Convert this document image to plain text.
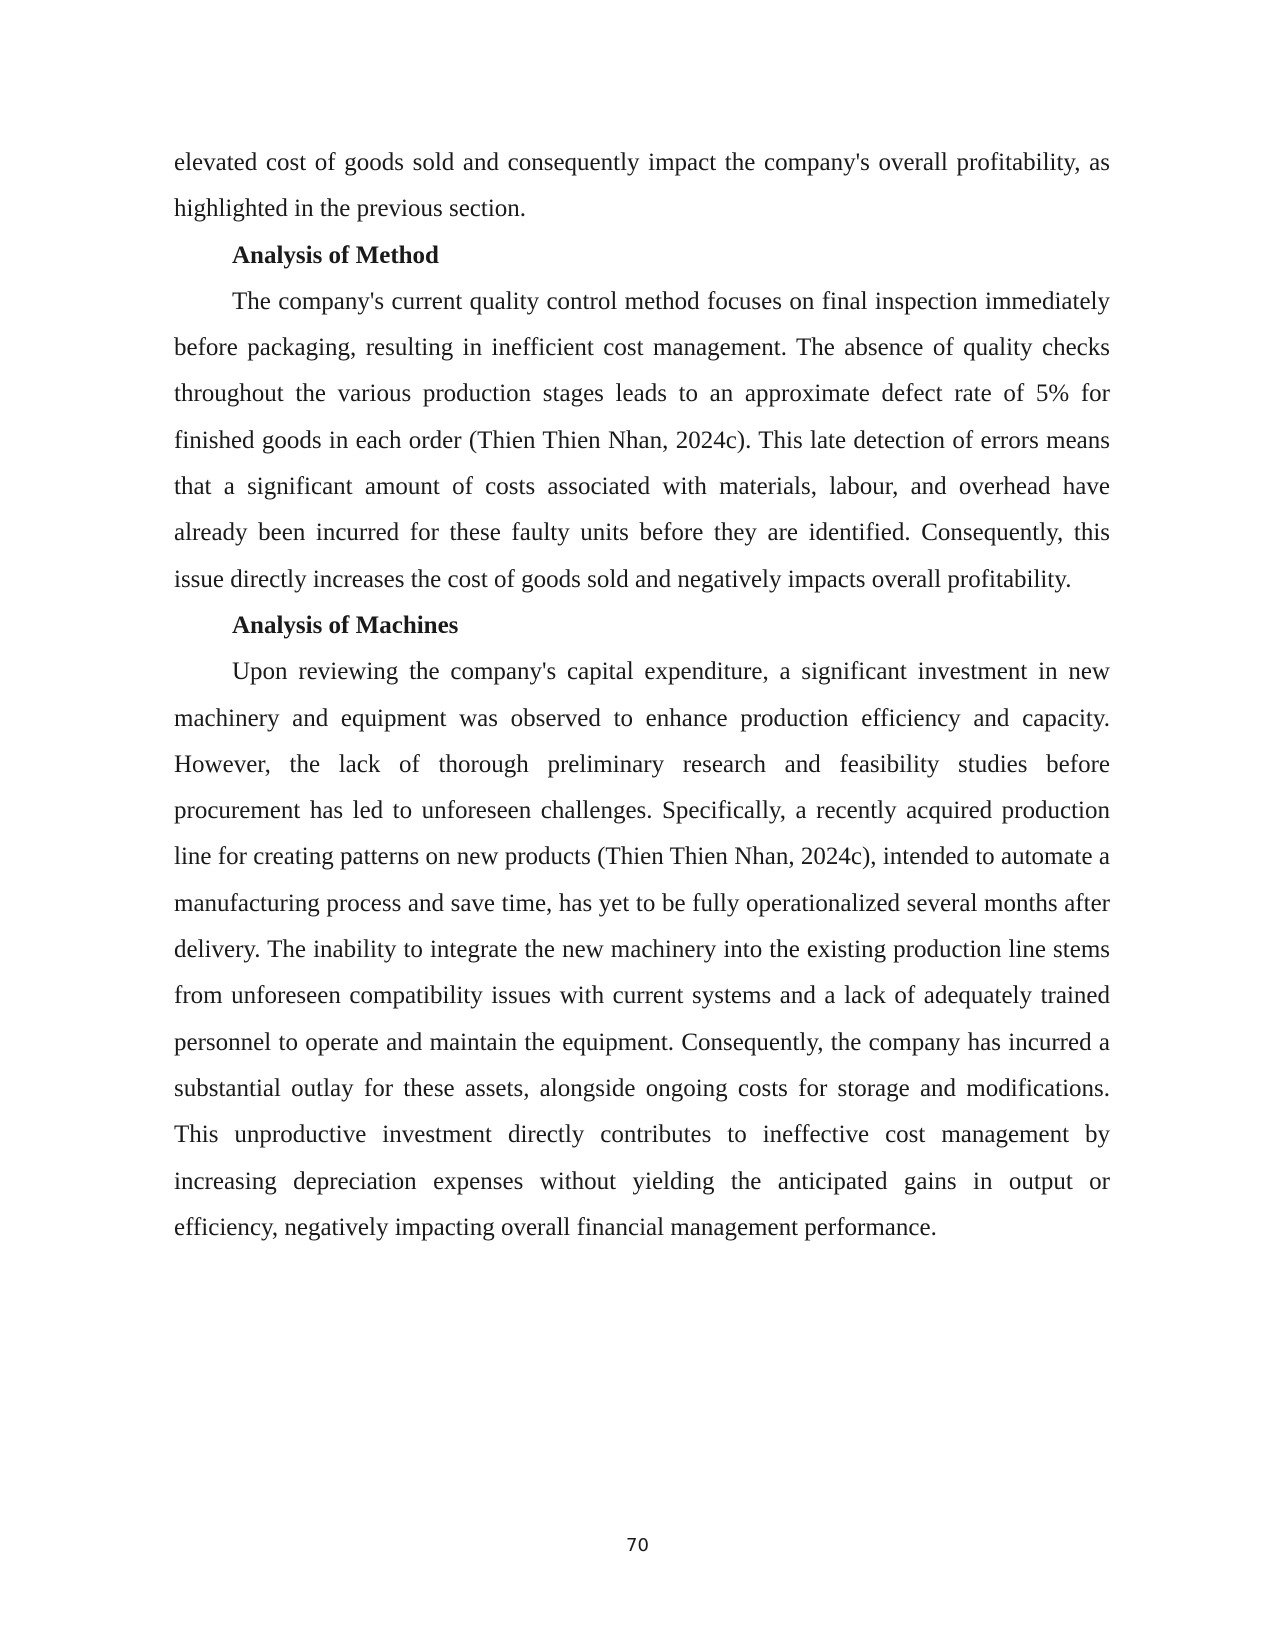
elevated cost of goods sold and consequently impact the company's overall profitability, as highlighted in the previous section.

Analysis of Method

The company's current quality control method focuses on final inspection immediately before packaging, resulting in inefficient cost management. The absence of quality checks throughout the various production stages leads to an approximate defect rate of 5% for finished goods in each order (Thien Thien Nhan, 2024c). This late detection of errors means that a significant amount of costs associated with materials, labour, and overhead have already been incurred for these faulty units before they are identified. Consequently, this issue directly increases the cost of goods sold and negatively impacts overall profitability.

Analysis of Machines

Upon reviewing the company's capital expenditure, a significant investment in new machinery and equipment was observed to enhance production efficiency and capacity. However, the lack of thorough preliminary research and feasibility studies before procurement has led to unforeseen challenges. Specifically, a recently acquired production line for creating patterns on new products (Thien Thien Nhan, 2024c), intended to automate a manufacturing process and save time, has yet to be fully operationalized several months after delivery. The inability to integrate the new machinery into the existing production line stems from unforeseen compatibility issues with current systems and a lack of adequately trained personnel to operate and maintain the equipment. Consequently, the company has incurred a substantial outlay for these assets, alongside ongoing costs for storage and modifications. This unproductive investment directly contributes to ineffective cost management by increasing depreciation expenses without yielding the anticipated gains in output or efficiency, negatively impacting overall financial management performance.

70
